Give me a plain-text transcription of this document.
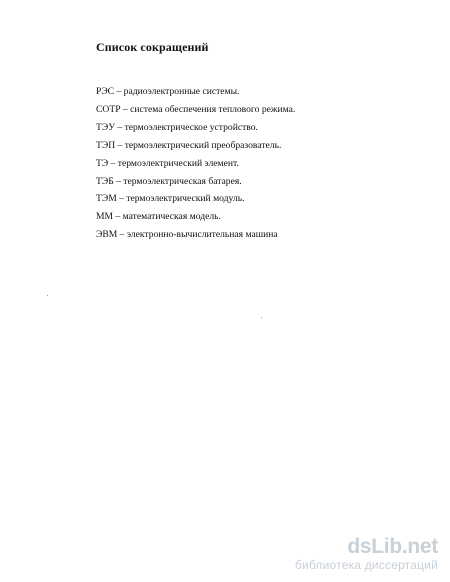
Список сокращений
РЭС – радиоэлектронные системы.
СОТР – система обеспечения теплового режима.
ТЭУ – термоэлектрическое устройство.
ТЭП – термоэлектрический преобразователь.
ТЭ – термоэлектрический элемент.
ТЭБ – термоэлектрическая батарея.
ТЭМ – термоэлектрический модуль.
ММ – математическая модель.
ЭВМ – электронно-вычислительная машина
dsLib.net
библиотека диссертаций
